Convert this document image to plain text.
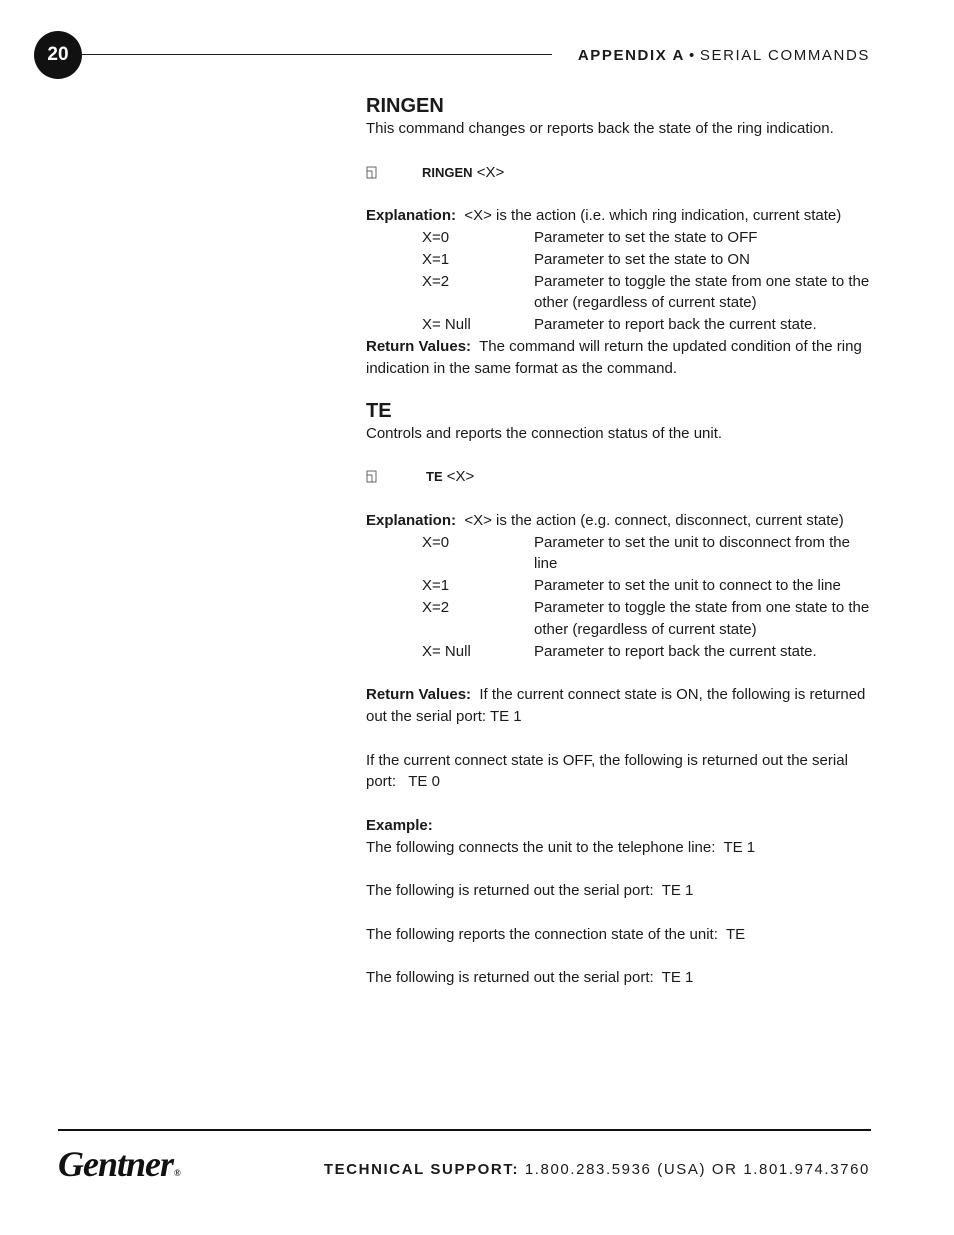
20	APPENDIX A • SERIAL COMMANDS
RINGEN

This command changes or reports back the state of the ring indication.

RINGEN <X>

Explanation:  <X> is the action (i.e. which ring indication, current state)

X=0	Parameter to set the state to OFF
X=1	Parameter to set the state to ON
X=2	Parameter to toggle the state from one state to the other (regardless of current state)
X= Null	Parameter to report back the current state.

Return Values:  The command will return the updated condition of the ring indication in the same format as the command.

TE

Controls and reports the connection status of the unit.

TE <X>

Explanation:  <X> is the action (e.g. connect, disconnect, current state)

X=0	Parameter to set the unit to disconnect from the line
X=1	Parameter to set the unit to connect to the line
X=2	Parameter to toggle the state from one state to the other (regardless of current state)
X= Null	Parameter to report back the current state.

Return Values:  If the current connect state is ON, the following is returned out the serial port: TE 1

If the current connect state is OFF, the following is returned out the serial port:   TE 0

Example:

The following connects the unit to the telephone line:  TE 1

The following is returned out the serial port:  TE 1

The following reports the connection state of the unit:  TE

The following is returned out the serial port:  TE 1

Gentner®	TECHNICAL SUPPORT: 1.800.283.5936 (USA) OR 1.801.974.3760
